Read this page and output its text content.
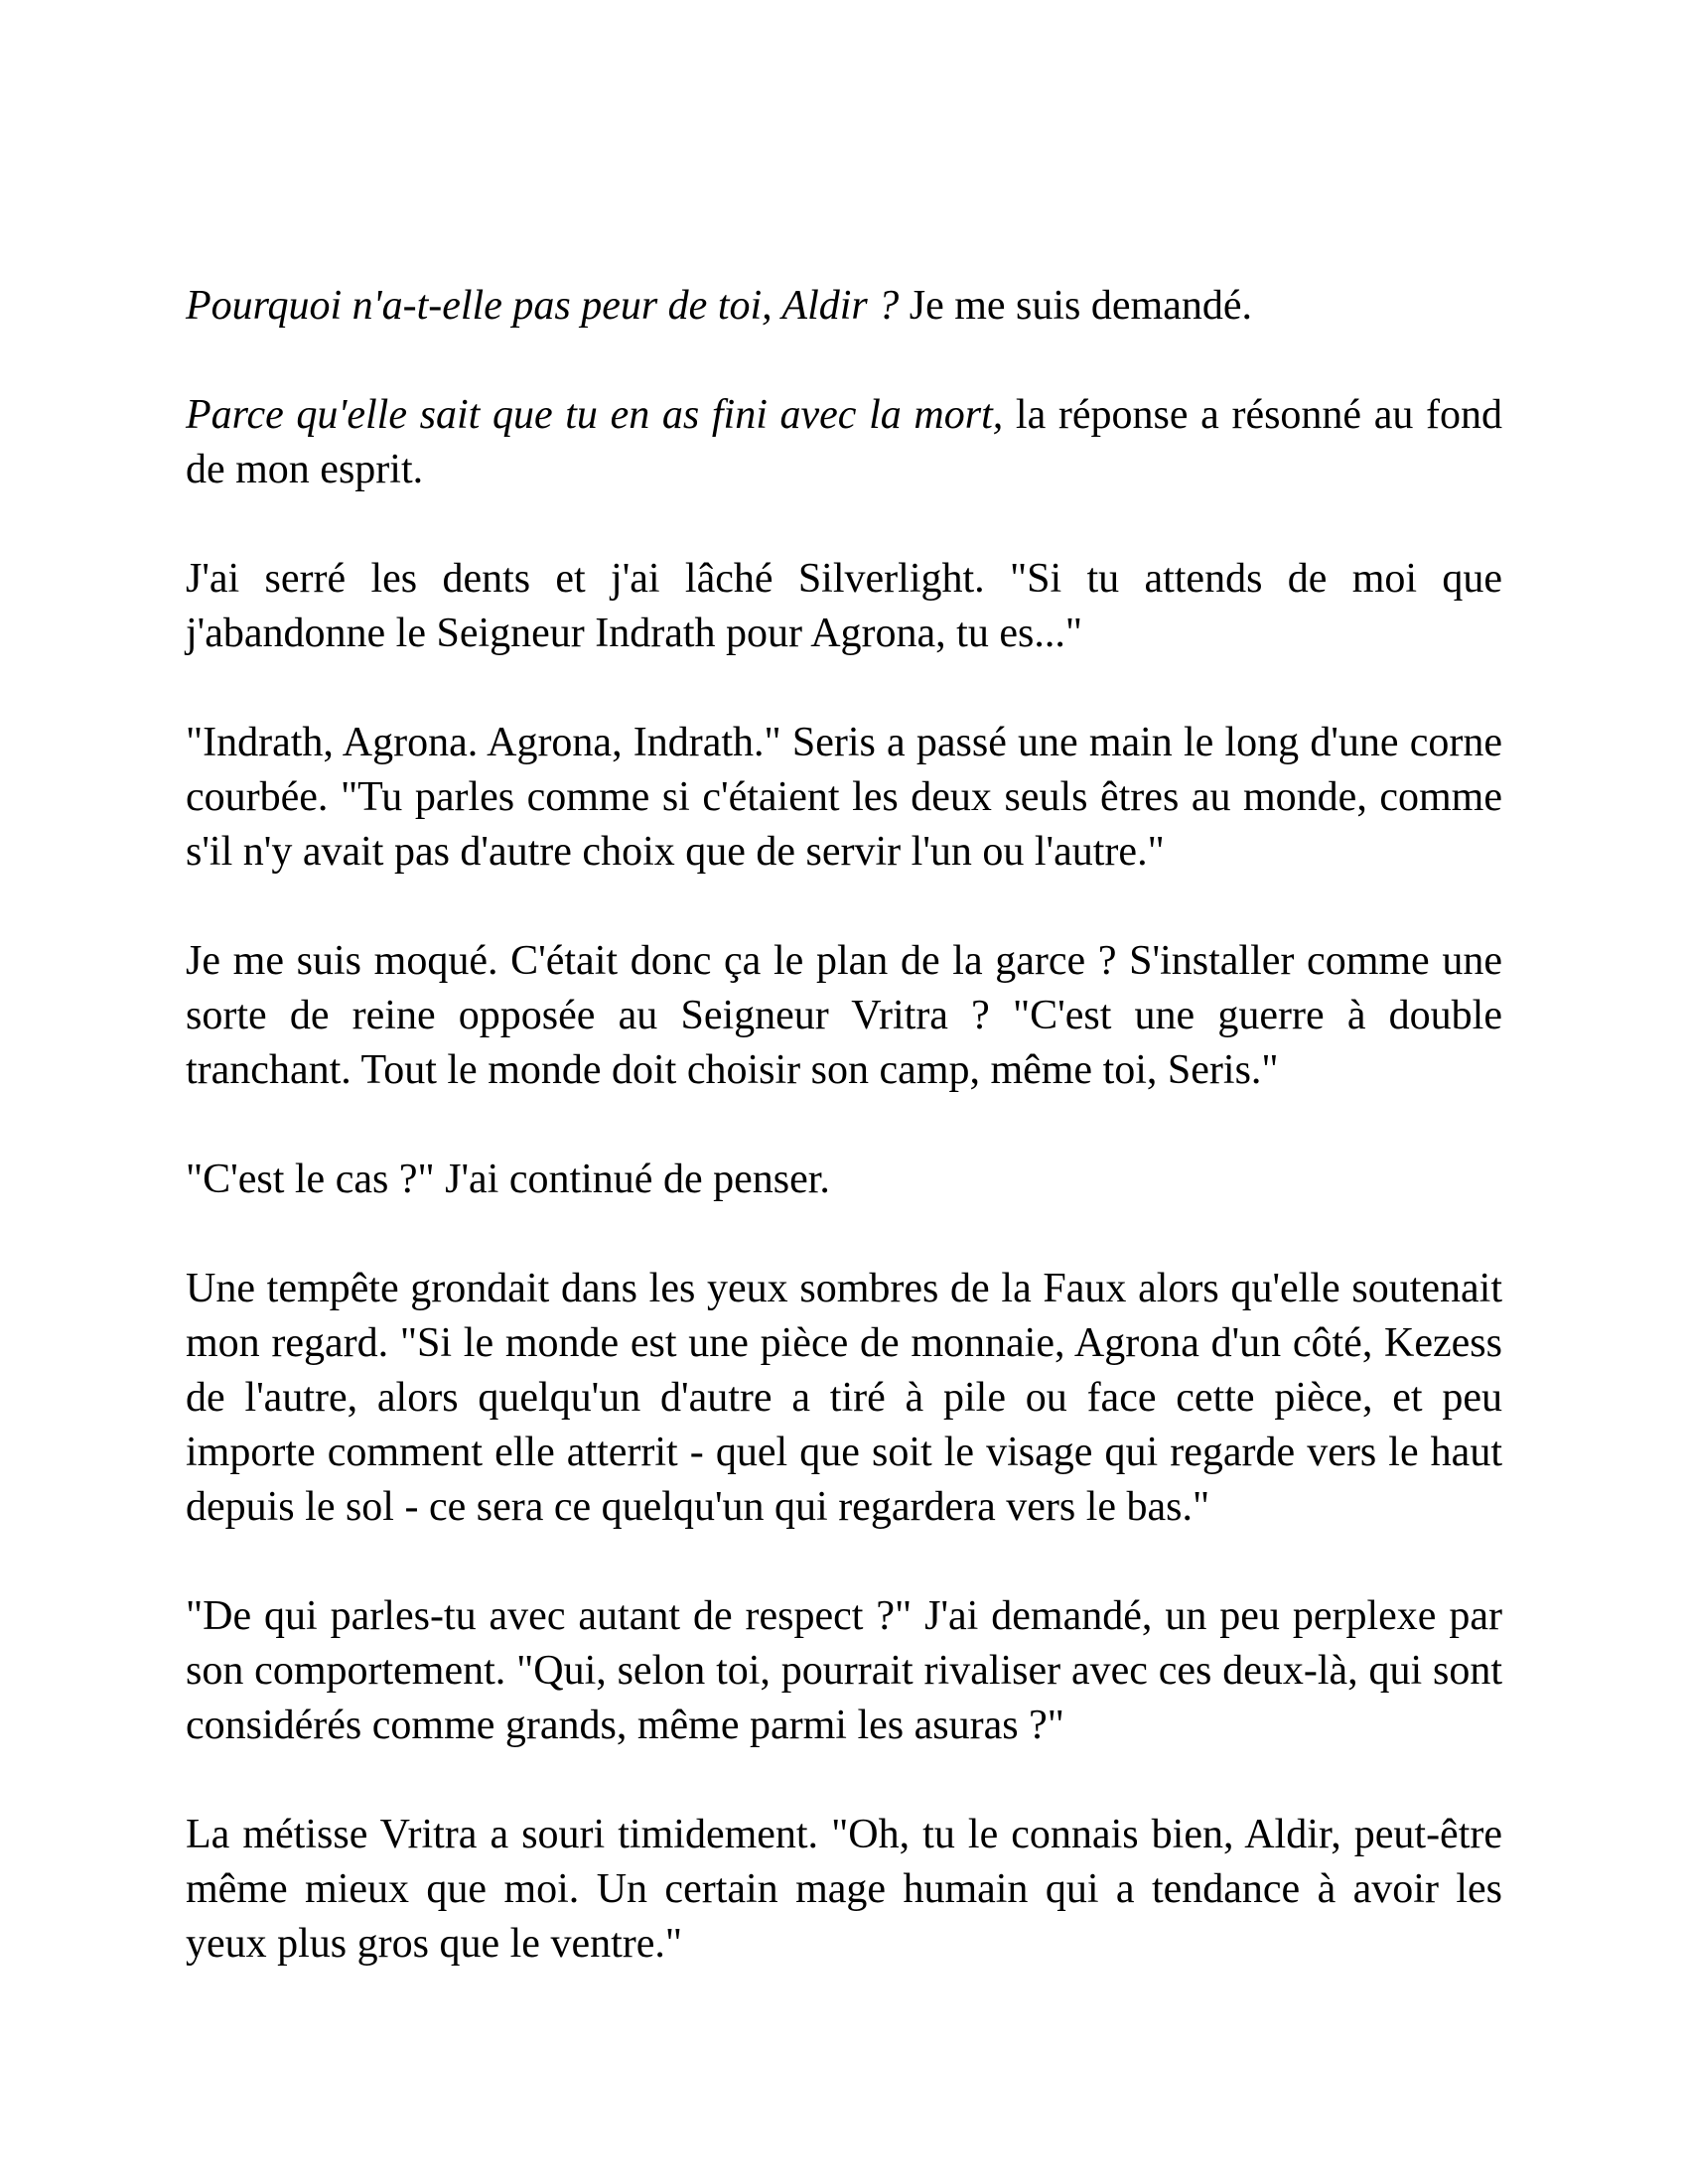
Pourquoi n'a-t-elle pas peur de toi, Aldir ? Je me suis demandé.

Parce qu'elle sait que tu en as fini avec la mort, la réponse a résonné au fond de mon esprit.

J'ai serré les dents et j'ai lâché Silverlight. "Si tu attends de moi que j'abandonne le Seigneur Indrath pour Agrona, tu es..."

"Indrath, Agrona. Agrona, Indrath." Seris a passé une main le long d'une corne courbée. "Tu parles comme si c'étaient les deux seuls êtres au monde, comme s'il n'y avait pas d'autre choix que de servir l'un ou l'autre."

Je me suis moqué. C'était donc ça le plan de la garce ? S'installer comme une sorte de reine opposée au Seigneur Vritra ? "C'est une guerre à double tranchant. Tout le monde doit choisir son camp, même toi, Seris."

"C'est le cas ?" J'ai continué de penser.

Une tempête grondait dans les yeux sombres de la Faux alors qu'elle soutenait mon regard. "Si le monde est une pièce de monnaie, Agrona d'un côté, Kezess de l'autre, alors quelqu'un d'autre a tiré à pile ou face cette pièce, et peu importe comment elle atterrit - quel que soit le visage qui regarde vers le haut depuis le sol - ce sera ce quelqu'un qui regardera vers le bas."

"De qui parles-tu avec autant de respect ?" J'ai demandé, un peu perplexe par son comportement. "Qui, selon toi, pourrait rivaliser avec ces deux-là, qui sont considérés comme grands, même parmi les asuras ?"

La métisse Vritra a souri timidement. "Oh, tu le connais bien, Aldir, peut-être même mieux que moi. Un certain mage humain qui a tendance à avoir les yeux plus gros que le ventre."
